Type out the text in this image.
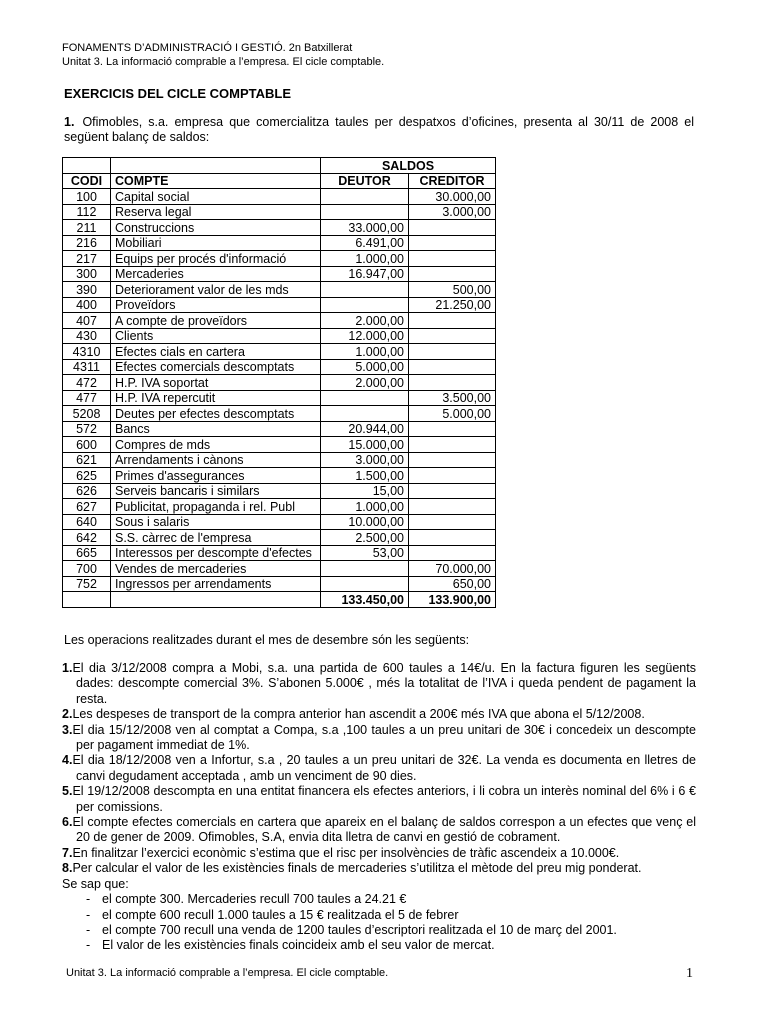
FONAMENTS D’ADMINISTRACIÓ I GESTIÓ. 2n Batxillerat
Unitat 3. La informació comprable a l’empresa. El cicle comptable.
EXERCICIS DEL CICLE COMPTABLE
1. Ofimobles, s.a. empresa que comercialitza taules per despatxos d’oficines, presenta al 30/11 de 2008 el següent balanç de saldos:
		SALDOS	
CODI	COMPTE	DEUTOR	CREDITOR
100	Capital social		30.000,00
112	Reserva legal		3.000,00
211	Construccions	33.000,00	
216	Mobiliari	6.491,00	
217	Equips per procés d'informació	1.000,00	
300	Mercaderies	16.947,00	
390	Deteriorament valor de les mds		500,00
400	Proveïdors		21.250,00
407	A compte de proveïdors	2.000,00	
430	Clients	12.000,00	
4310	Efectes cials en cartera	1.000,00	
4311	Efectes comercials descomptats	5.000,00	
472	H.P. IVA soportat	2.000,00	
477	H.P. IVA repercutit		3.500,00
5208	Deutes per efectes descomptats		5.000,00
572	Bancs	20.944,00	
600	Compres de mds	15.000,00	
621	Arrendaments i cànons	3.000,00	
625	Primes d'assegurances	1.500,00	
626	Serveis bancaris i similars	15,00	
627	Publicitat, propaganda i rel. Publ	1.000,00	
640	Sous i salaris	10.000,00	
642	S.S. càrrec de l'empresa	2.500,00	
665	Interessos per descompte d'efectes	53,00	
700	Vendes de mercaderies		70.000,00
752	Ingressos per arrendaments		650,00
		133.450,00	133.900,00
Les operacions realitzades durant el mes de desembre són les següents:
1.El dia 3/12/2008 compra a Mobi, s.a. una partida de 600 taules a 14€/u. En la factura figuren les següents dades: descompte comercial 3%. S’abonen 5.000€ , més la totalitat de l’IVA i queda pendent de pagament la resta.
2.Les despeses de transport de la compra anterior han ascendit a 200€ més IVA que abona el 5/12/2008.
3.El dia 15/12/2008 ven al comptat a Compa, s.a ,100 taules a un preu unitari de 30€ i concedeix un descompte per pagament immediat de 1%.
4.El dia 18/12/2008 ven a Infortur, s.a , 20 taules a un preu unitari de 32€. La venda es documenta en lletres de canvi degudament acceptada , amb un venciment de 90 dies.
5.El 19/12/2008 descompta en una entitat financera els efectes anteriors, i li cobra un interès nominal del 6% i 6 € per comissions.
6.El compte efectes comercials en cartera que apareix en el balanç de saldos correspon a un efectes que venç el 20 de gener de 2009. Ofimobles, S.A, envia dita lletra de canvi en gestió de cobrament.
7.En finalitzar l’exercici econòmic s’estima que el risc per insolvències de tràfic ascendeix a 10.000€.
8.Per calcular el valor de les existències finals de mercaderies s’utilitza el mètode del preu mig ponderat.
Se sap que:
- el compte 300. Mercaderies recull 700 taules a 24.21 €
- el compte 600 recull 1.000 taules a 15 € realitzada el 5 de febrer
- el compte 700 recull una venda de 1200 taules d’escriptori realitzada el 10 de març del 2001.
- El valor de les existències finals coincideix amb el seu valor de mercat.
Unitat 3. La informació comprable a l’empresa. El cicle comptable.	1
